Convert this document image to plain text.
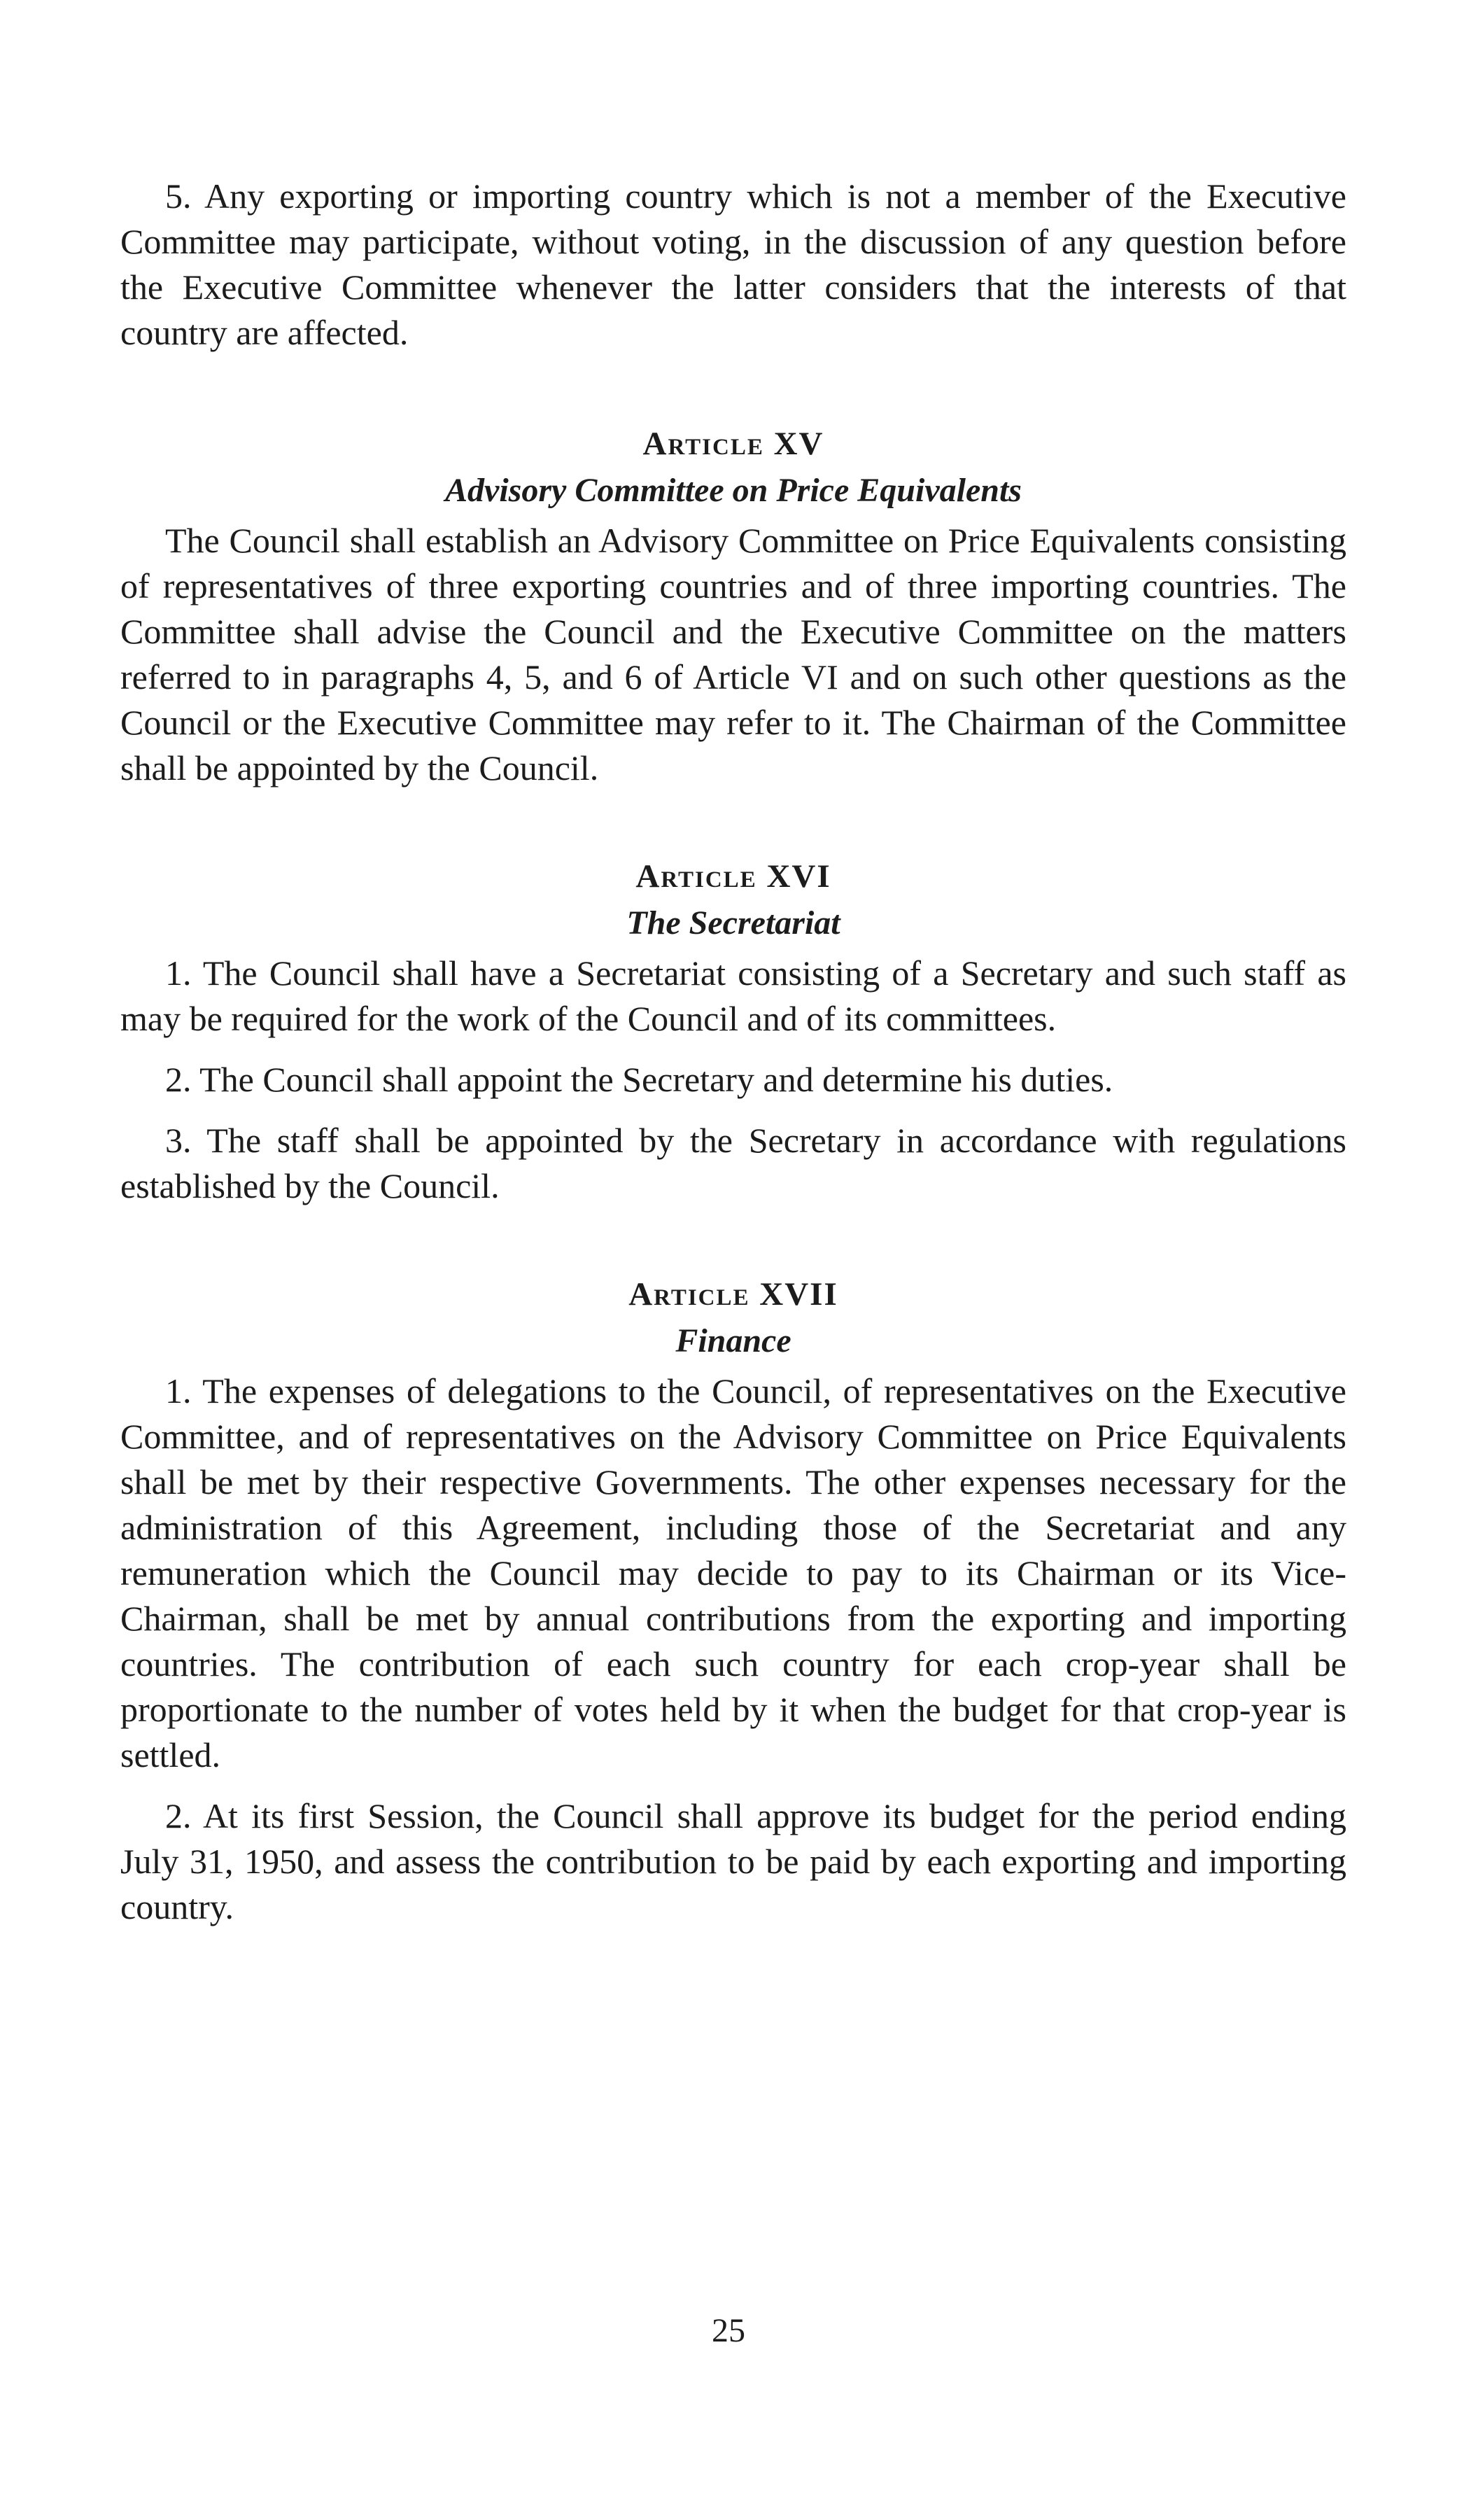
5. Any exporting or importing country which is not a member of the Executive Committee may participate, without voting, in the discussion of any question before the Executive Committee whenever the latter considers that the interests of that country are affected.

Article XV
Advisory Committee on Price Equivalents

The Council shall establish an Advisory Committee on Price Equivalents consisting of representatives of three exporting countries and of three importing countries. The Committee shall advise the Council and the Executive Committee on the matters referred to in paragraphs 4, 5, and 6 of Article VI and on such other questions as the Council or the Executive Committee may refer to it. The Chairman of the Committee shall be appointed by the Council.

Article XVI
The Secretariat

1. The Council shall have a Secretariat consisting of a Secretary and such staff as may be required for the work of the Council and of its committees.

2. The Council shall appoint the Secretary and determine his duties.

3. The staff shall be appointed by the Secretary in accordance with regulations established by the Council.

Article XVII
Finance

1. The expenses of delegations to the Council, of representatives on the Executive Committee, and of representatives on the Advisory Committee on Price Equivalents shall be met by their respective Governments. The other expenses necessary for the administration of this Agreement, including those of the Secretariat and any remuneration which the Council may decide to pay to its Chairman or its Vice-Chairman, shall be met by annual contributions from the exporting and importing countries. The contribution of each such country for each crop-year shall be proportionate to the number of votes held by it when the budget for that crop-year is settled.

2. At its first Session, the Council shall approve its budget for the period ending July 31, 1950, and assess the contribution to be paid by each exporting and importing country.

25
